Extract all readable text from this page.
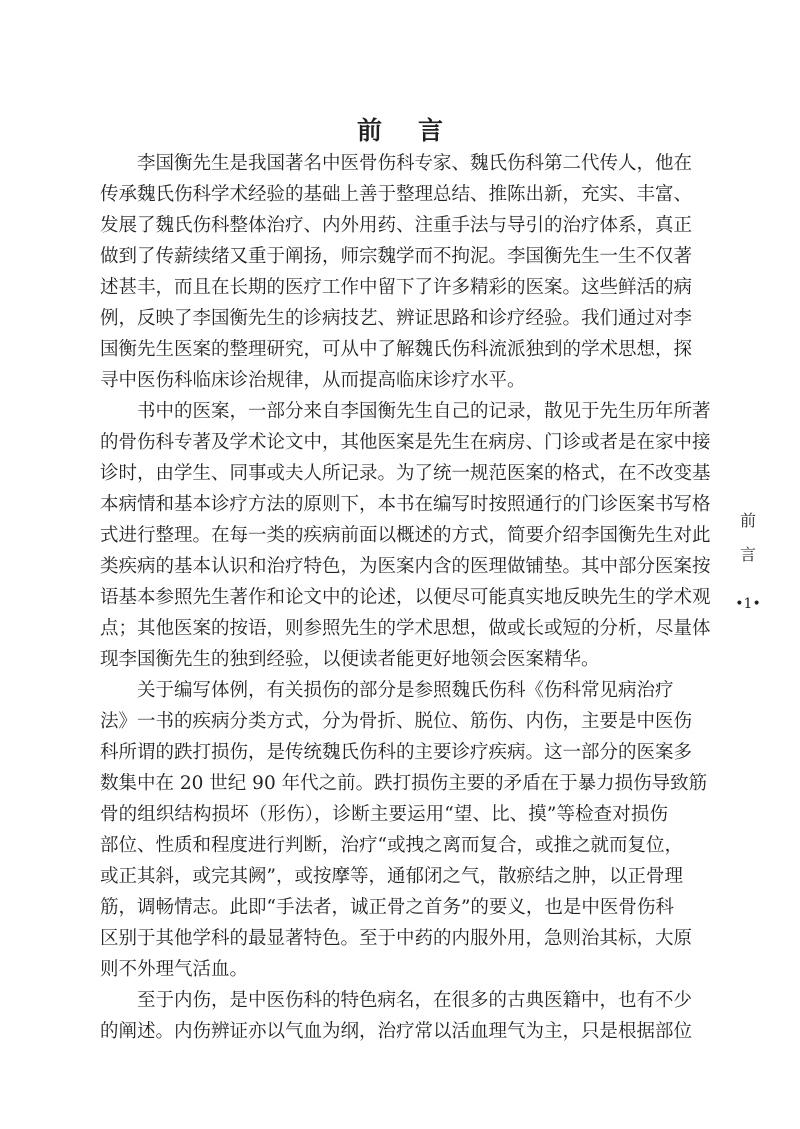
前言
李国衡先生是我国著名中医骨伤科专家、魏氏伤科第二代传人，他在
传承魏氏伤科学术经验的基础上善于整理总结、推陈出新，充实、丰富、
发展了魏氏伤科整体治疗、内外用药、注重手法与导引的治疗体系，真正
做到了传薪续绪又重于阐扬，师宗魏学而不拘泥。李国衡先生一生不仅著
述甚丰，而且在长期的医疗工作中留下了许多精彩的医案。这些鲜活的病
例，反映了李国衡先生的诊病技艺、辨证思路和诊疗经验。我们通过对李
国衡先生医案的整理研究，可从中了解魏氏伤科流派独到的学术思想，探
寻中医伤科临床诊治规律，从而提高临床诊疗水平。
书中的医案，一部分来自李国衡先生自己的记录，散见于先生历年所著
的骨伤科专著及学术论文中，其他医案是先生在病房、门诊或者是在家中接
诊时，由学生、同事或夫人所记录。为了统一规范医案的格式，在不改变基
本病情和基本诊疗方法的原则下，本书在编写时按照通行的门诊医案书写格
式进行整理。在每一类的疾病前面以概述的方式，简要介绍李国衡先生对此
类疾病的基本认识和治疗特色，为医案内含的医理做铺垫。其中部分医案按
语基本参照先生著作和论文中的论述，以便尽可能真实地反映先生的学术观
点；其他医案的按语，则参照先生的学术思想，做或长或短的分析，尽量体
现李国衡先生的独到经验，以便读者能更好地领会医案精华。
关于编写体例，有关损伤的部分是参照魏氏伤科《伤科常见病治疗
法》一书的疾病分类方式，分为骨折、脱位、筋伤、内伤，主要是中医伤
科所谓的跌打损伤，是传统魏氏伤科的主要诊疗疾病。这一部分的医案多
数集中在 20 世纪 90 年代之前。跌打损伤主要的矛盾在于暴力损伤导致筋
骨的组织结构损坏（形伤），诊断主要运用“望、比、摸”等检查对损伤
部位、性质和程度进行判断，治疗“或拽之离而复合，或推之就而复位，
或正其斜，或完其阙”，或按摩等，通郁闭之气，散瘀结之肿，以正骨理
筋，调畅情志。此即“手法者，诚正骨之首务”的要义，也是中医骨伤科
区别于其他学科的最显著特色。至于中药的内服外用，急则治其标，大原
则不外理气活血。
至于内伤，是中医伤科的特色病名，在很多的古典医籍中，也有不少
的阐述。内伤辨证亦以气血为纲，治疗常以活血理气为主，只是根据部位
前
言
•1•
